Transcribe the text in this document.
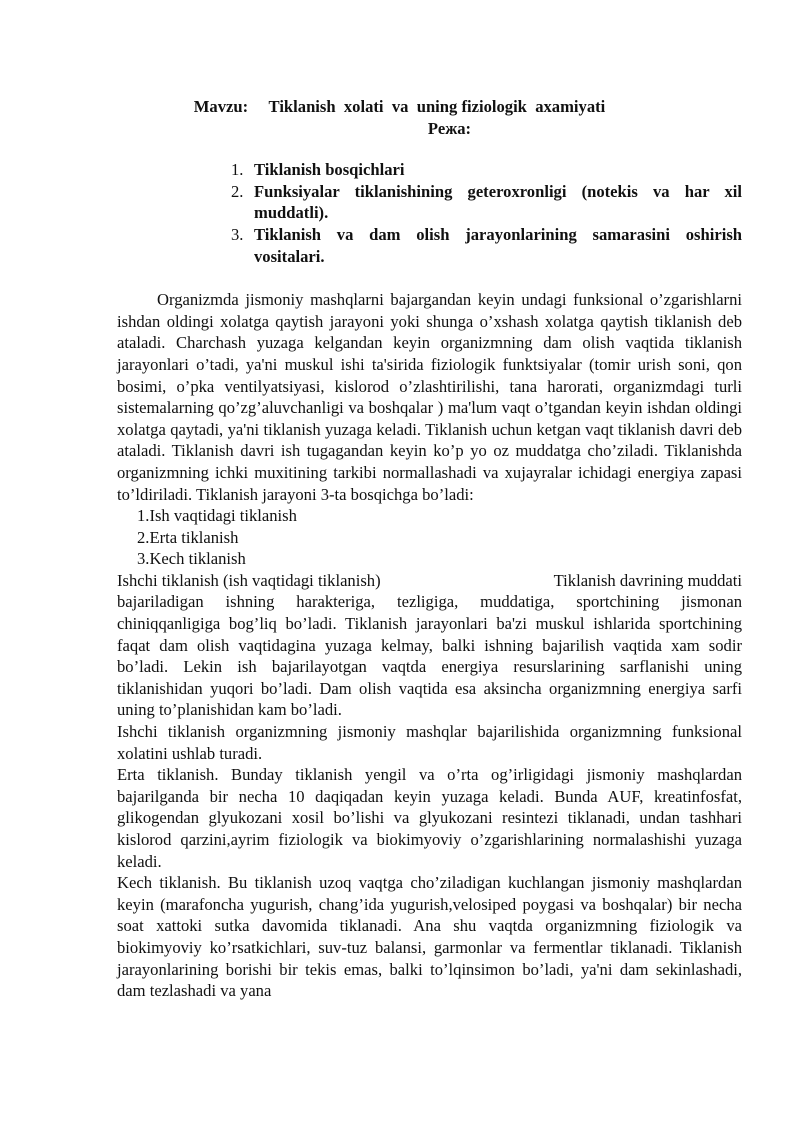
Mavzu:     Tiklanish  xolati  va  uning fiziologik  axamiyati
Режа:
1. Tiklanish bosqichlari
2. Funksiyalar tiklanishining geteroxronligi (notekis va har xil muddatli).
3. Tiklanish va dam olish jarayonlarining samarasini oshirish vositalari.

Organizmda jismoniy mashqlarni bajargandan keyin undagi funksional o’zgarishlarni ishdan oldingi xolatga qaytish jarayoni yoki shunga o’xshash xolatga qaytish tiklanish deb ataladi. Charchash yuzaga kelgandan keyin organizmning dam olish vaqtida tiklanish jarayonlari o’tadi, ya'ni muskul ishi ta'sirida fiziologik funktsiyalar (tomir urish soni, qon bosimi, o’pka ventilyatsiyasi, kislorod o’zlashtirilishi, tana harorati, organizmdagi turli sistemalarning qo’zg’aluvchanligi va boshqalar ) ma'lum vaqt o’tgandan keyin ishdan oldingi xolatga qaytadi, ya'ni tiklanish yuzaga keladi. Tiklanish uchun ketgan vaqt tiklanish davri deb ataladi. Tiklanish davri ish tugagandan keyin ko’p yo oz muddatga cho’ziladi. Tiklanishda organizmning ichki muxitining tarkibi normallashadi va xujayralar ichidagi energiya zapasi to’ldiriladi. Tiklanish jarayoni 3-ta bosqichga bo’ladi:

1.Ish vaqtidagi tiklanish
2.Erta tiklanish
3.Kech tiklanish
Ishchi tiklanish (ish vaqtidagi tiklanish)	Tiklanish davrining muddati

bajariladigan ishning harakteriga, tezligiga, muddatiga, sportchining jismonan chiniqqanligiga bog’liq bo’ladi. Tiklanish jarayonlari ba'zi muskul ishlarida sportchining faqat dam olish vaqtidagina yuzaga kelmay, balki ishning bajarilish vaqtida xam sodir bo’ladi. Lekin ish bajarilayotgan vaqtda energiya resurslarining sarflanishi uning tiklanishidan yuqori bo’ladi. Dam olish vaqtida esa aksincha organizmning energiya sarfi uning to’planishidan kam bo’ladi.

Ishchi tiklanish organizmning jismoniy mashqlar bajarilishida organizmning funksional xolatini ushlab turadi.

Erta tiklanish. Bunday tiklanish yengil va o’rta og’irligidagi jismoniy mashqlardan bajarilganda bir necha 10 daqiqadan keyin yuzaga keladi. Bunda AUF, kreatinfosfat, glikogendan glyukozani xosil bo’lishi va glyukozani resintezi tiklanadi, undan tashhari kislorod qarzini,ayrim fiziologik va biokimyoviy o’zgarishlarining normalashishi yuzaga keladi.

Kech tiklanish. Bu tiklanish uzoq vaqtga cho’ziladigan kuchlangan jismoniy mashqlardan keyin (marafoncha yugurish, chang’ida yugurish,velosiped poygasi va boshqalar) bir necha soat xattoki sutka davomida tiklanadi. Ana shu vaqtda organizmning fiziologik va biokimyoviy ko’rsatkichlari, suv-tuz balansi, garmonlar va fermentlar tiklanadi. Tiklanish jarayonlarining borishi bir tekis emas, balki to’lqinsimon bo’ladi, ya'ni dam sekinlashadi, dam tezlashadi va yana
